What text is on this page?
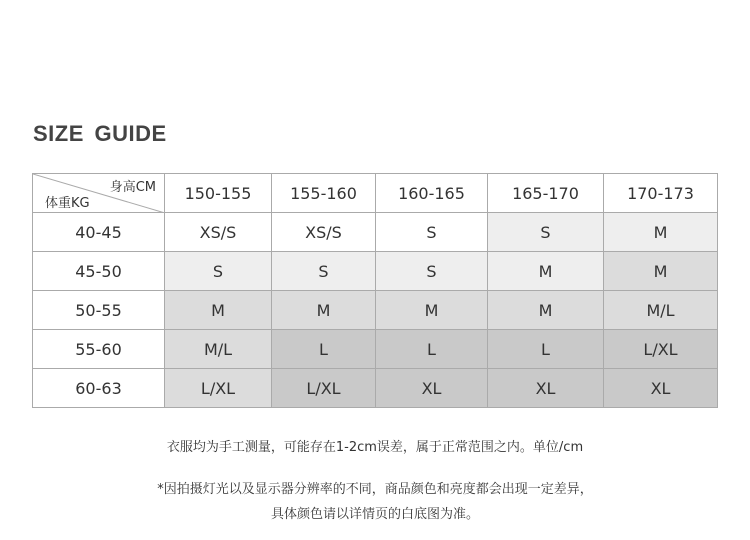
SIZE GUIDE
身高CM
体重KG	150-155	155-160	160-165	165-170	170-173
40-45	XS/S	XS/S	S	S	M
45-50	S	S	S	M	M
50-55	M	M	M	M	M/L
55-60	M/L	L	L	L	L/XL
60-63	L/XL	L/XL	XL	XL	XL
衣服均为手工测量，可能存在1-2cm误差，属于正常范围之内。单位/cm
*因拍摄灯光以及显示器分辨率的不同，商品颜色和亮度都会出现一定差异，
具体颜色请以详情页的白底图为准。
